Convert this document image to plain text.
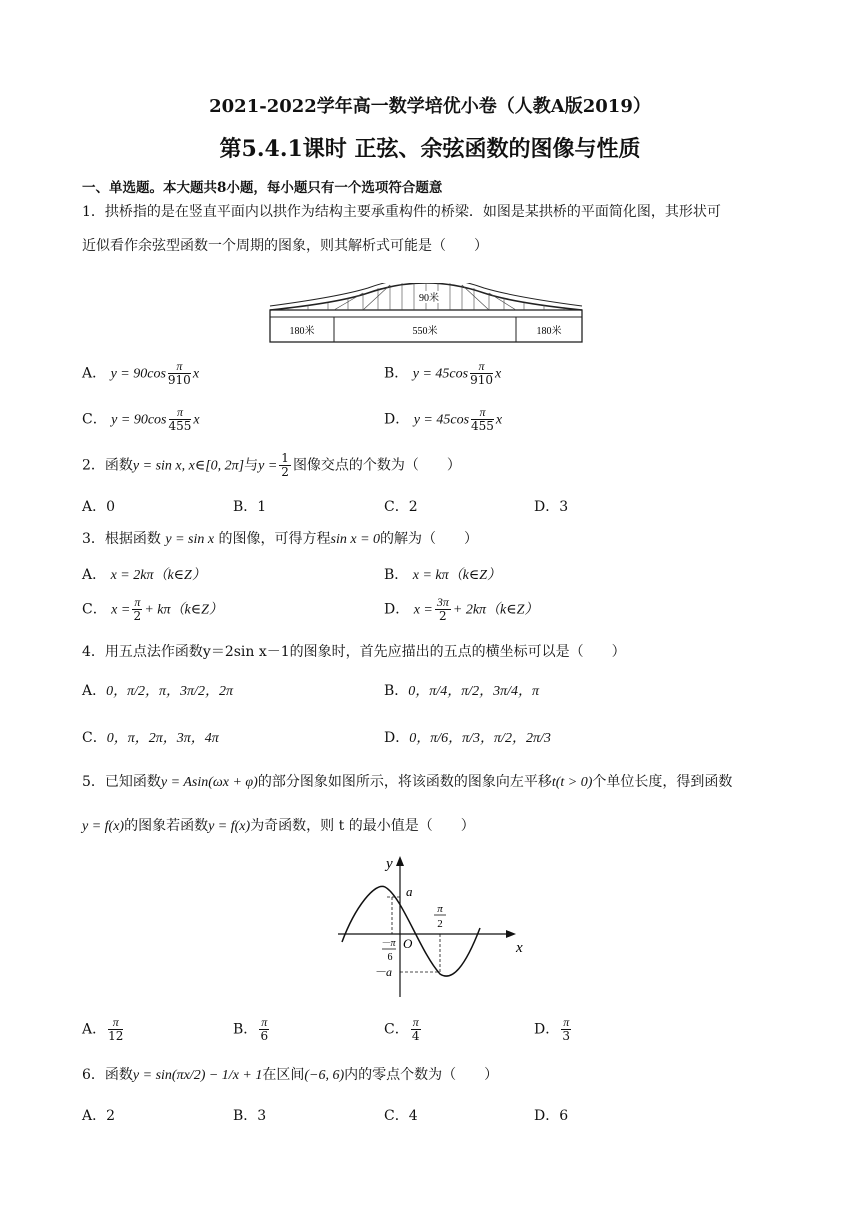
2021-2022学年高一数学培优小卷（人教A版2019）
第5.4.1课时 正弦、余弦函数的图像与性质
一、单选题。本大题共8小题，每小题只有一个选项符合题意
1．拱桥指的是在竖直平面内以拱作为结构主要承重构件的桥梁．如图是某拱桥的平面简化图，其形状可
近似看作余弦型函数一个周期的图象，则其解析式可能是（　　）
90米
180米	550米	180米
A． $y = 90\cos \frac{\pi}{910}$ x	B． $y = 45\cos \frac{\pi}{910}$ x
C． $y = 90\cos \frac{\pi}{455}$ x	D． $y = 45\cos \frac{\pi}{455}$ x
2．函数y = sin x, x∈[0, 2π]与$y = \frac{1}{2}$ 图像交点的个数为（　　）
A．0	B．1	C．2	D．3
3．根据函数 y = sin x 的图像，可得方程sin x = 0的解为（　　）
A． x = 2kπ（k∈Z）	B． x = kπ（k∈Z）
C． $x = \frac{\pi}{2}$ + kπ（k∈Z）	D． $x = \frac{3\pi}{2}$ + 2kπ（k∈Z）
4．用五点法作函数y＝2sin x－1的图象时，首先应描出的五点的横坐标可以是（　　）
A．0，π/2，π，3π/2，2π	B．0，π/4，π/2，3π/4，π
C．0，π，2π，3π，4π	D．0，π/6，π/3，π/2，2π/3
5．已知函数y = Asin(ωx + φ)的部分图象如图所示，将该函数的图象向左平移t(t > 0)个单位长度，得到函数
y = f(x)的图象若函数y = f(x)为奇函数，则 t 的最小值是（　　）
y
x
a
－a
O
π
2
－π
6
A． $\frac{\pi}{12}$	B． $\frac{\pi}{6}$	C． $\frac{\pi}{4}$	D． $\frac{\pi}{3}$
6．函数y = sin(πx/2) − 1/x + 1在区间(−6, 6)内的零点个数为（　　）
A．2	B．3	C．4	D．6
